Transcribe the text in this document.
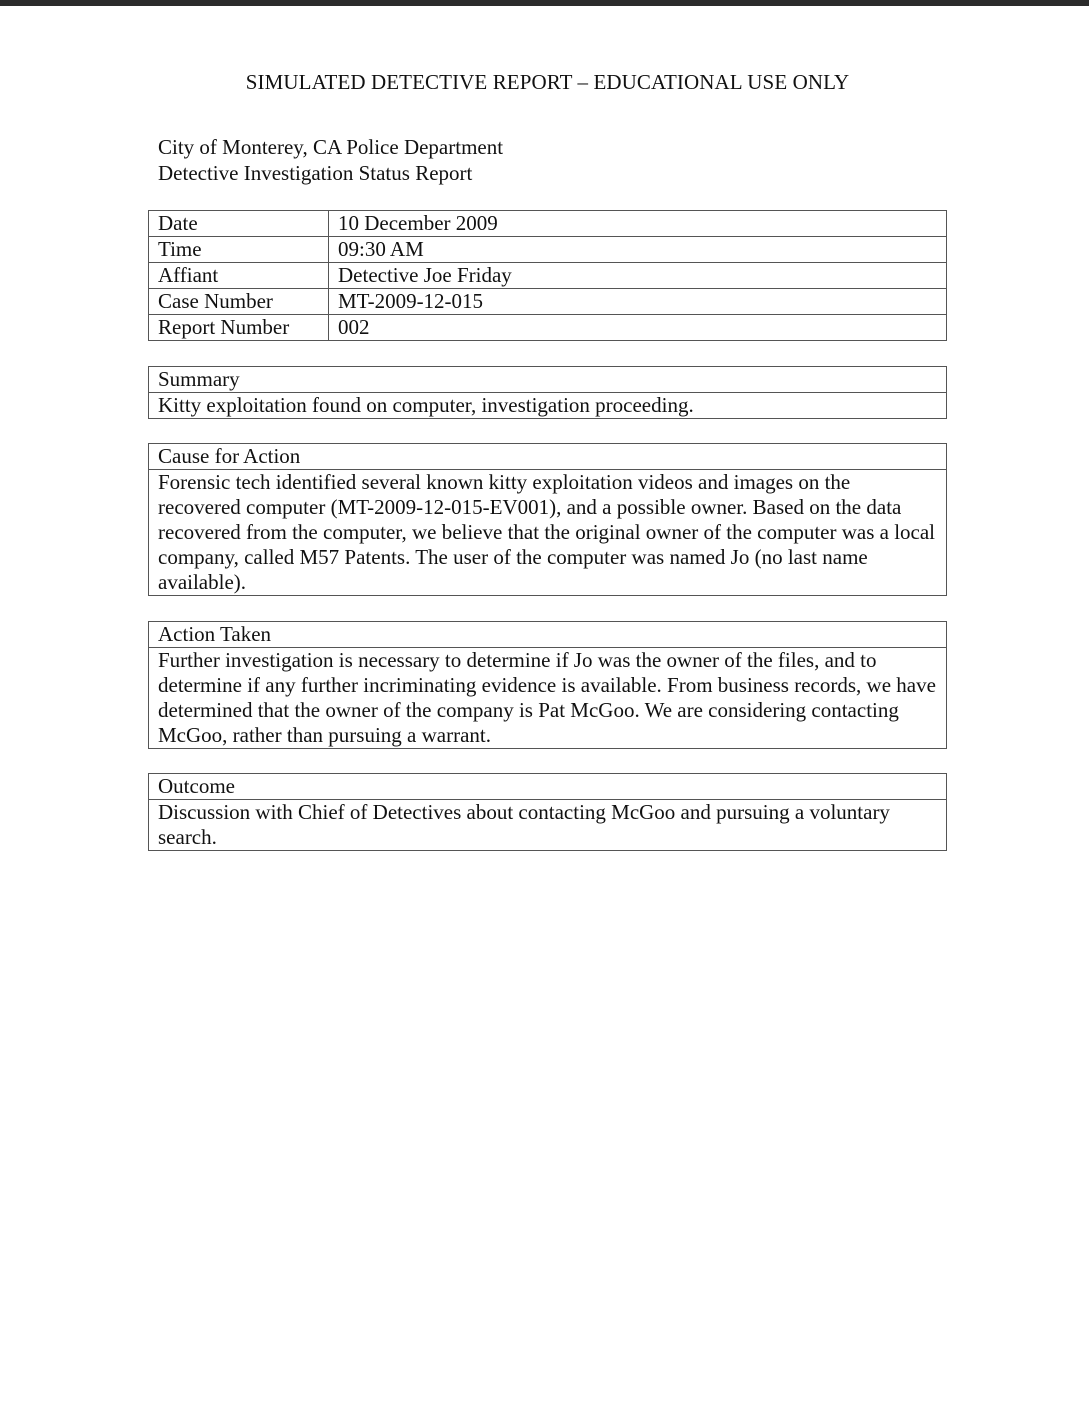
SIMULATED DETECTIVE REPORT – EDUCATIONAL USE ONLY
City of Monterey, CA Police Department
Detective Investigation Status Report
Date	10 December 2009
Time	09:30 AM
Affiant	Detective Joe Friday
Case Number	MT-2009-12-015
Report Number	002
Summary
Kitty exploitation found on computer, investigation proceeding.
Cause for Action
Forensic tech identified several known kitty exploitation videos and images on the recovered computer (MT-2009-12-015-EV001), and a possible owner. Based on the data recovered from the computer, we believe that the original owner of the computer was a local company, called M57 Patents. The user of the computer was named Jo (no last name available).
Action Taken
Further investigation is necessary to determine if Jo was the owner of the files, and to determine if any further incriminating evidence is available. From business records, we have determined that the owner of the company is Pat McGoo. We are considering contacting McGoo, rather than pursuing a warrant.
Outcome
Discussion with Chief of Detectives about contacting McGoo and pursuing a voluntary search.
